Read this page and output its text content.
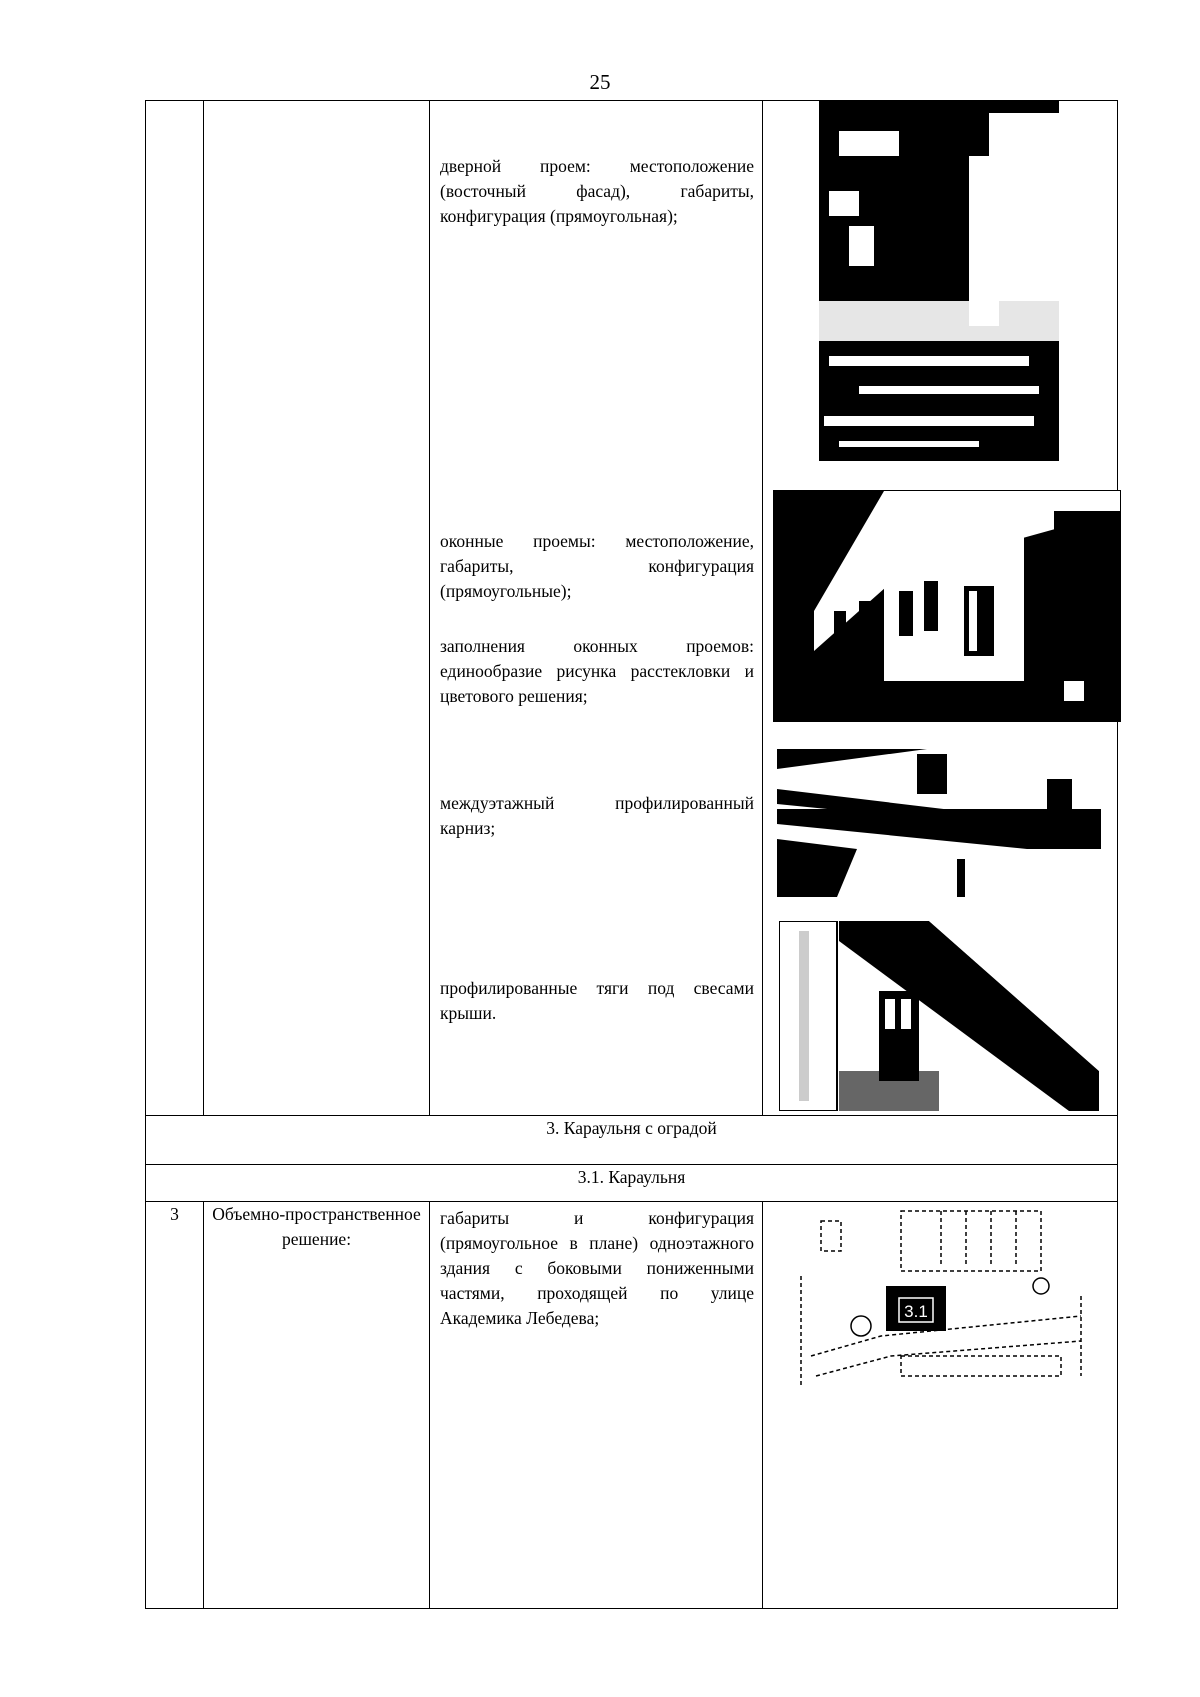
25

		дверной проем: местоположение (восточный фасад), габариты, конфигурация (прямоугольная);

оконные проемы: местоположение, габариты, конфигурация (прямоугольные);

заполнения оконных проемов: единообразие рисунка расстекловки и цветового решения;

междуэтажный профилированный карниз;

профилированные тяги под свесами крыши.

3. Караульня с оградой			
3.1. Караульня			
3	Объемно-пространственное решение:	габариты и конфигурация (прямоугольное в плане) одноэтажного здания с боковыми пониженными частями, проходящей по улице Академика Лебедева;	3.1
